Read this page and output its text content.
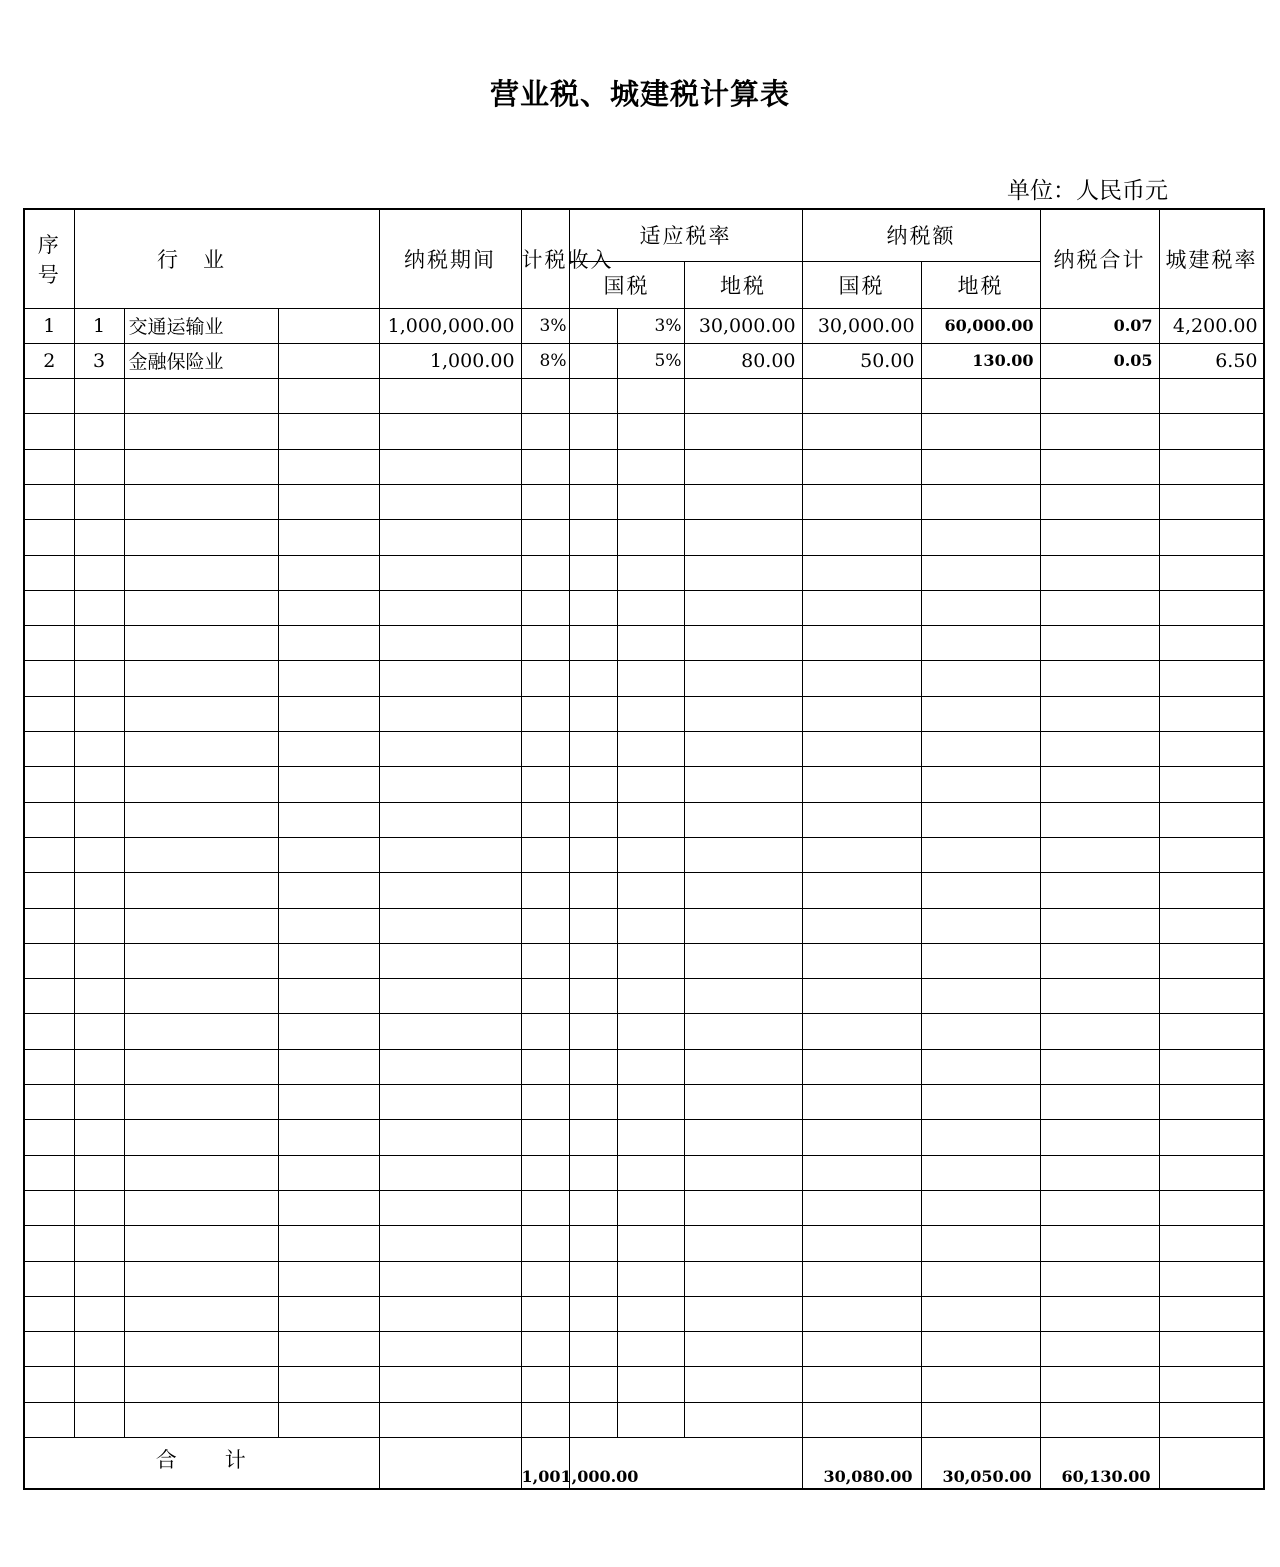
营业税、城建税计算表
单位：人民币元
序
号	行　业			纳税期间	计税收入	适应税率			纳税额		纳税合计	城建税率	
						国税		地税	国税	地税			
1	1	交通运输业		1,000,000.00	3%		3%	30,000.00	30,000.00	60,000.00	0.07	4,200.00	
2	3	金融保险业		1,000.00	8%		5%	80.00	50.00	130.00	0.05	6.50	

合　　计					1,001,000.00				30,080.00	30,050.00	60,130.00		
